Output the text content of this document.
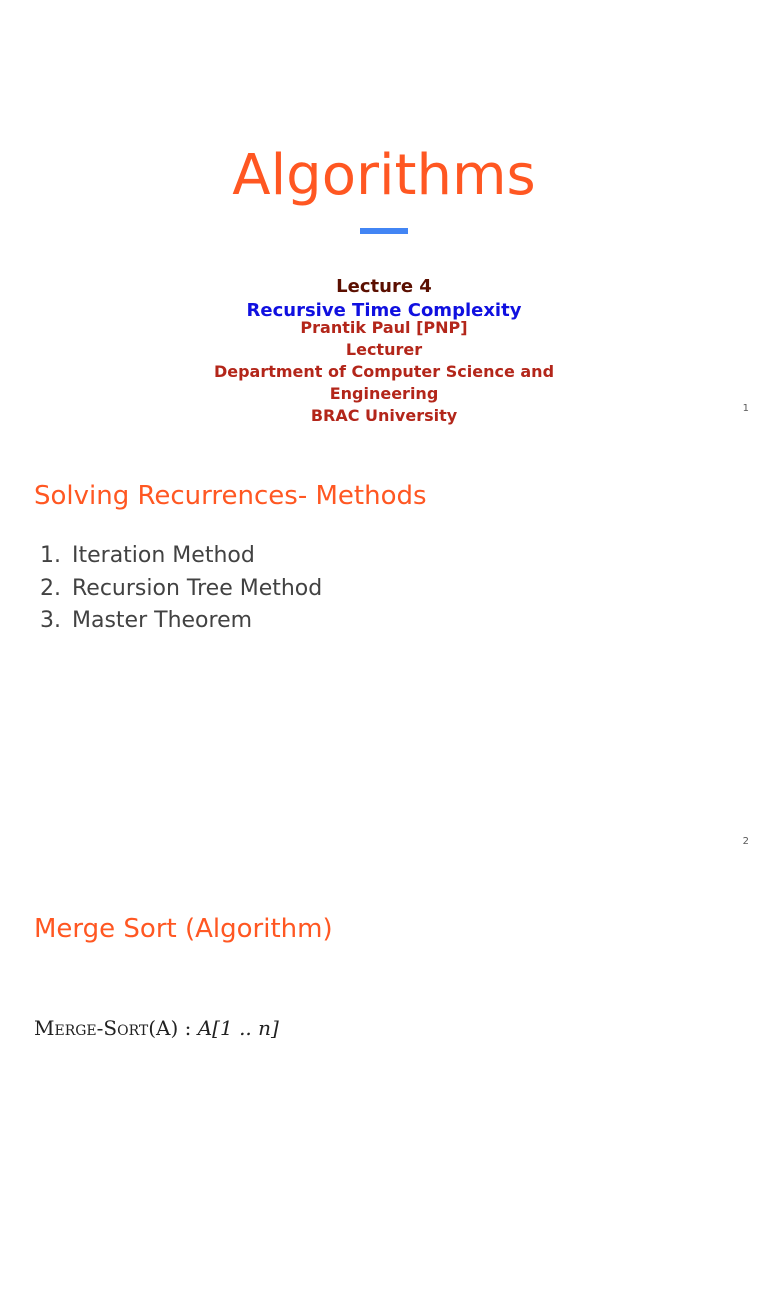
Algorithms
Lecture 4
Recursive Time Complexity
Prantik Paul [PNP]
Lecturer
Department of Computer Science and
Engineering
BRAC University	1
Solving Recurrences- Methods
1. Iteration Method
2. Recursion Tree Method
3. Master Theorem
2
Merge Sort (Algorithm)
Merge-Sort(A) : A[1 .. n]
